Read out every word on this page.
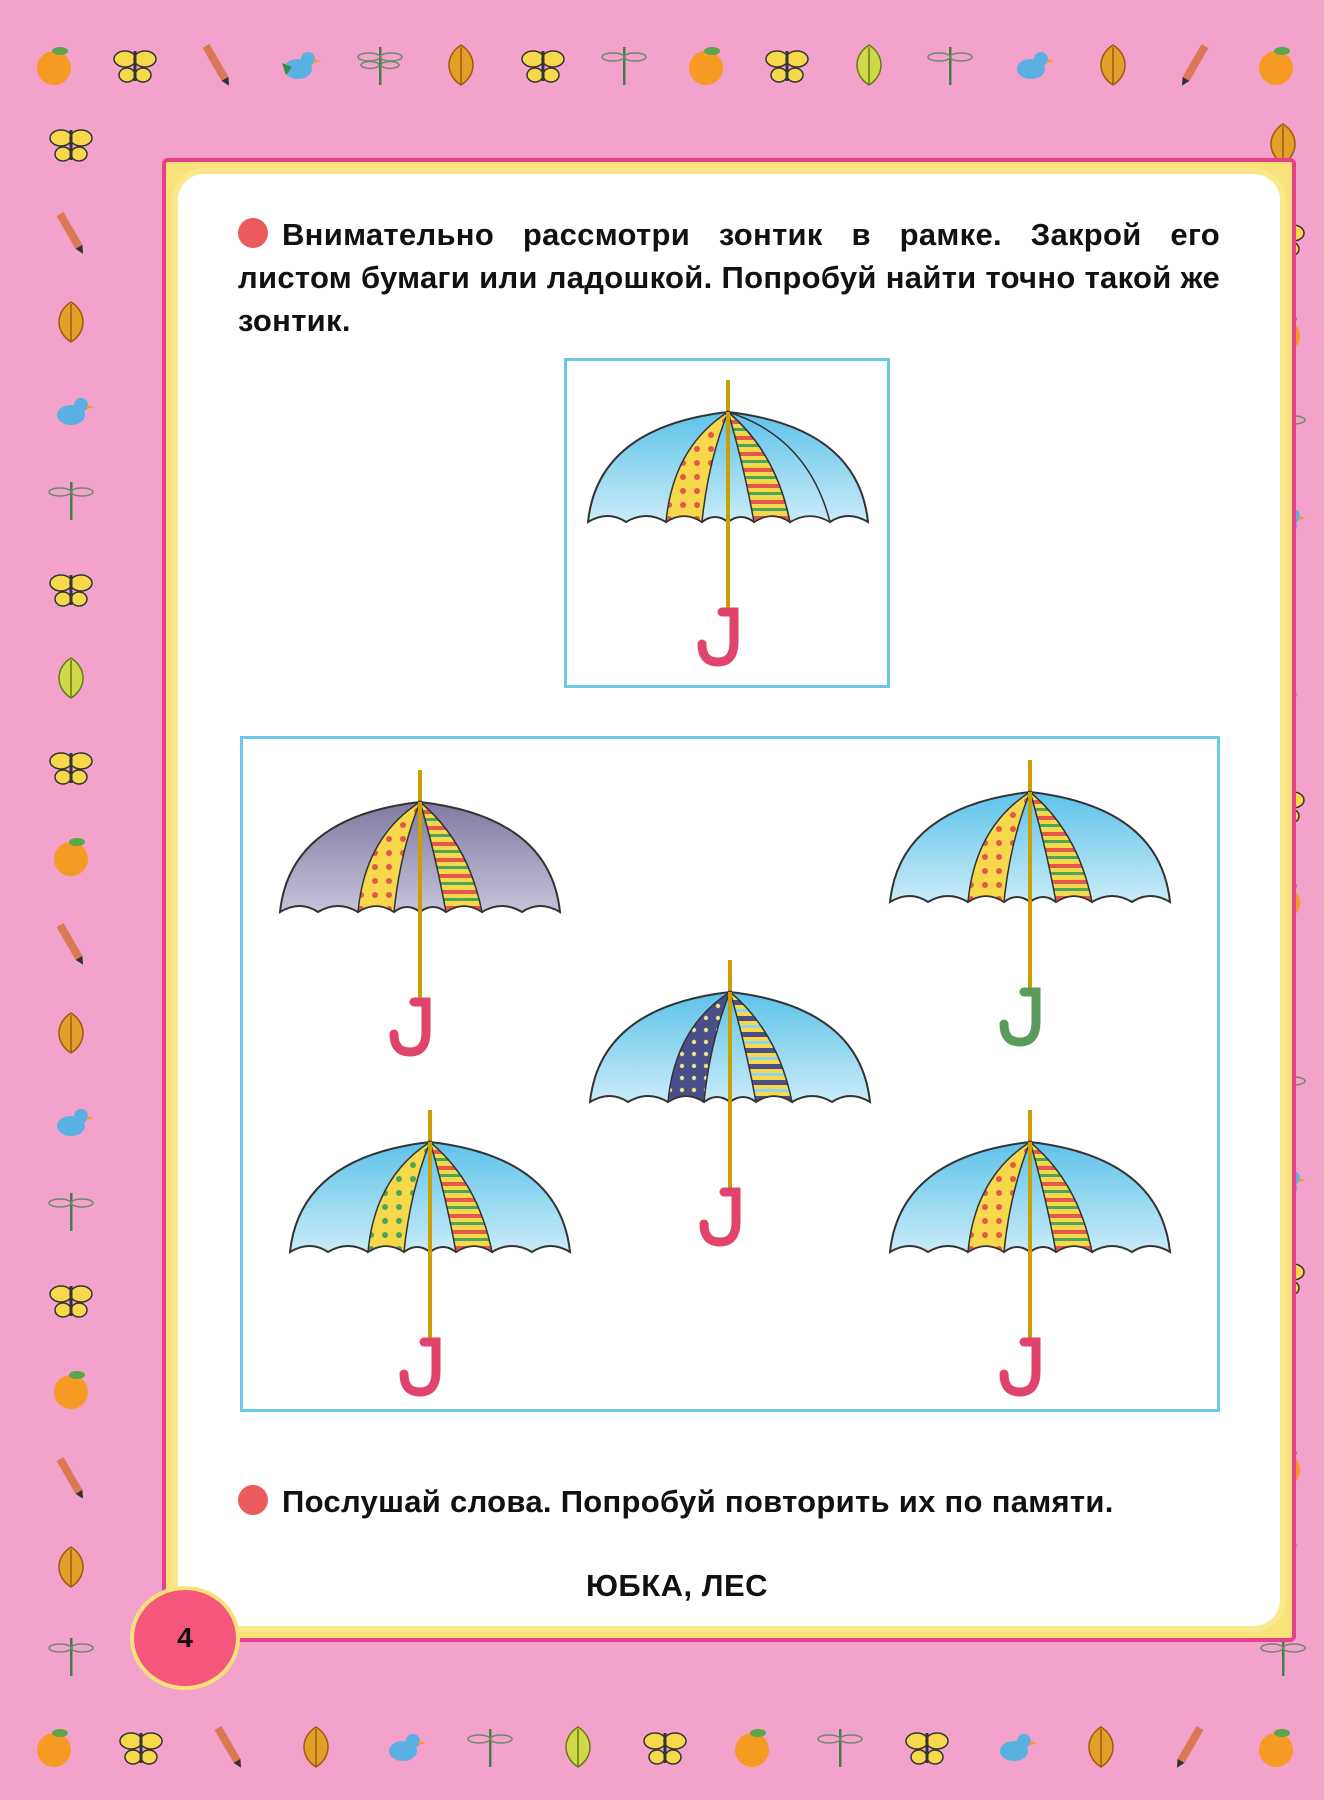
Внимательно рассмотри зонтик в рамке. Закрой его листом бумаги или ладошкой. Попробуй найти точно такой же зонтик.
Послушай слова. Попробуй повторить их по памяти.
ЮБКА, ЛЕС
4
